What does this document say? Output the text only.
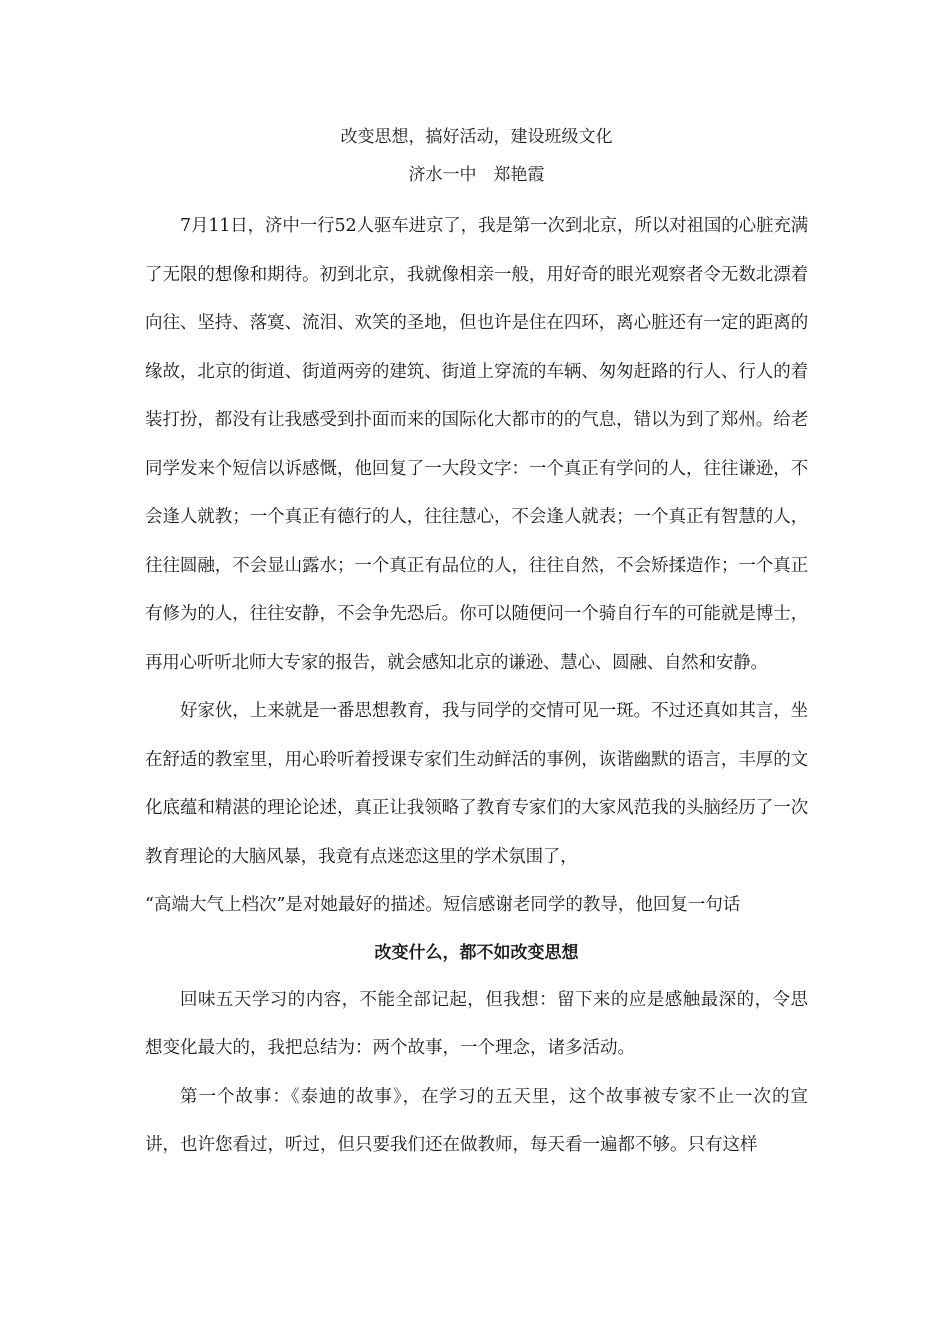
改变思想，搞好活动，建设班级文化

济水一中　郑艳霞

7月11日，济中一行52人驱车进京了，我是第一次到北京，所以对祖国的心脏充满了无限的想像和期待。初到北京，我就像相亲一般，用好奇的眼光观察者令无数北漂着向往、坚持、落寞、流泪、欢笑的圣地，但也许是住在四环，离心脏还有一定的距离的缘故，北京的街道、街道两旁的建筑、街道上穿流的车辆、匆匆赶路的行人、行人的着装打扮，都没有让我感受到扑面而来的国际化大都市的的气息，错以为到了郑州。给老同学发来个短信以诉感慨，他回复了一大段文字：一个真正有学问的人，往往谦逊，不会逢人就教；一个真正有德行的人，往往慧心，不会逢人就表；一个真正有智慧的人，往往圆融，不会显山露水；一个真正有品位的人，往往自然，不会矫揉造作；一个真正有修为的人，往往安静，不会争先恐后。你可以随便问一个骑自行车的可能就是博士，再用心听听北师大专家的报告，就会感知北京的谦逊、慧心、圆融、自然和安静。

好家伙，上来就是一番思想教育，我与同学的交情可见一斑。不过还真如其言，坐在舒适的教室里，用心聆听着授课专家们生动鲜活的事例，诙谐幽默的语言，丰厚的文化底蕴和精湛的理论论述，真正让我领略了教育专家们的大家风范我的头脑经历了一次教育理论的大脑风暴，我竟有点迷恋这里的学术氛围了，

“高端大气上档次”是对她最好的描述。短信感谢老同学的教导，他回复一句话

改变什么，都不如改变思想

回味五天学习的内容，不能全部记起，但我想：留下来的应是感触最深的，令思想变化最大的，我把总结为：两个故事，一个理念，诸多活动。

第一个故事：《泰迪的故事》，在学习的五天里，这个故事被专家不止一次的宣讲，也许您看过，听过，但只要我们还在做教师，每天看一遍都不够。只有这样
